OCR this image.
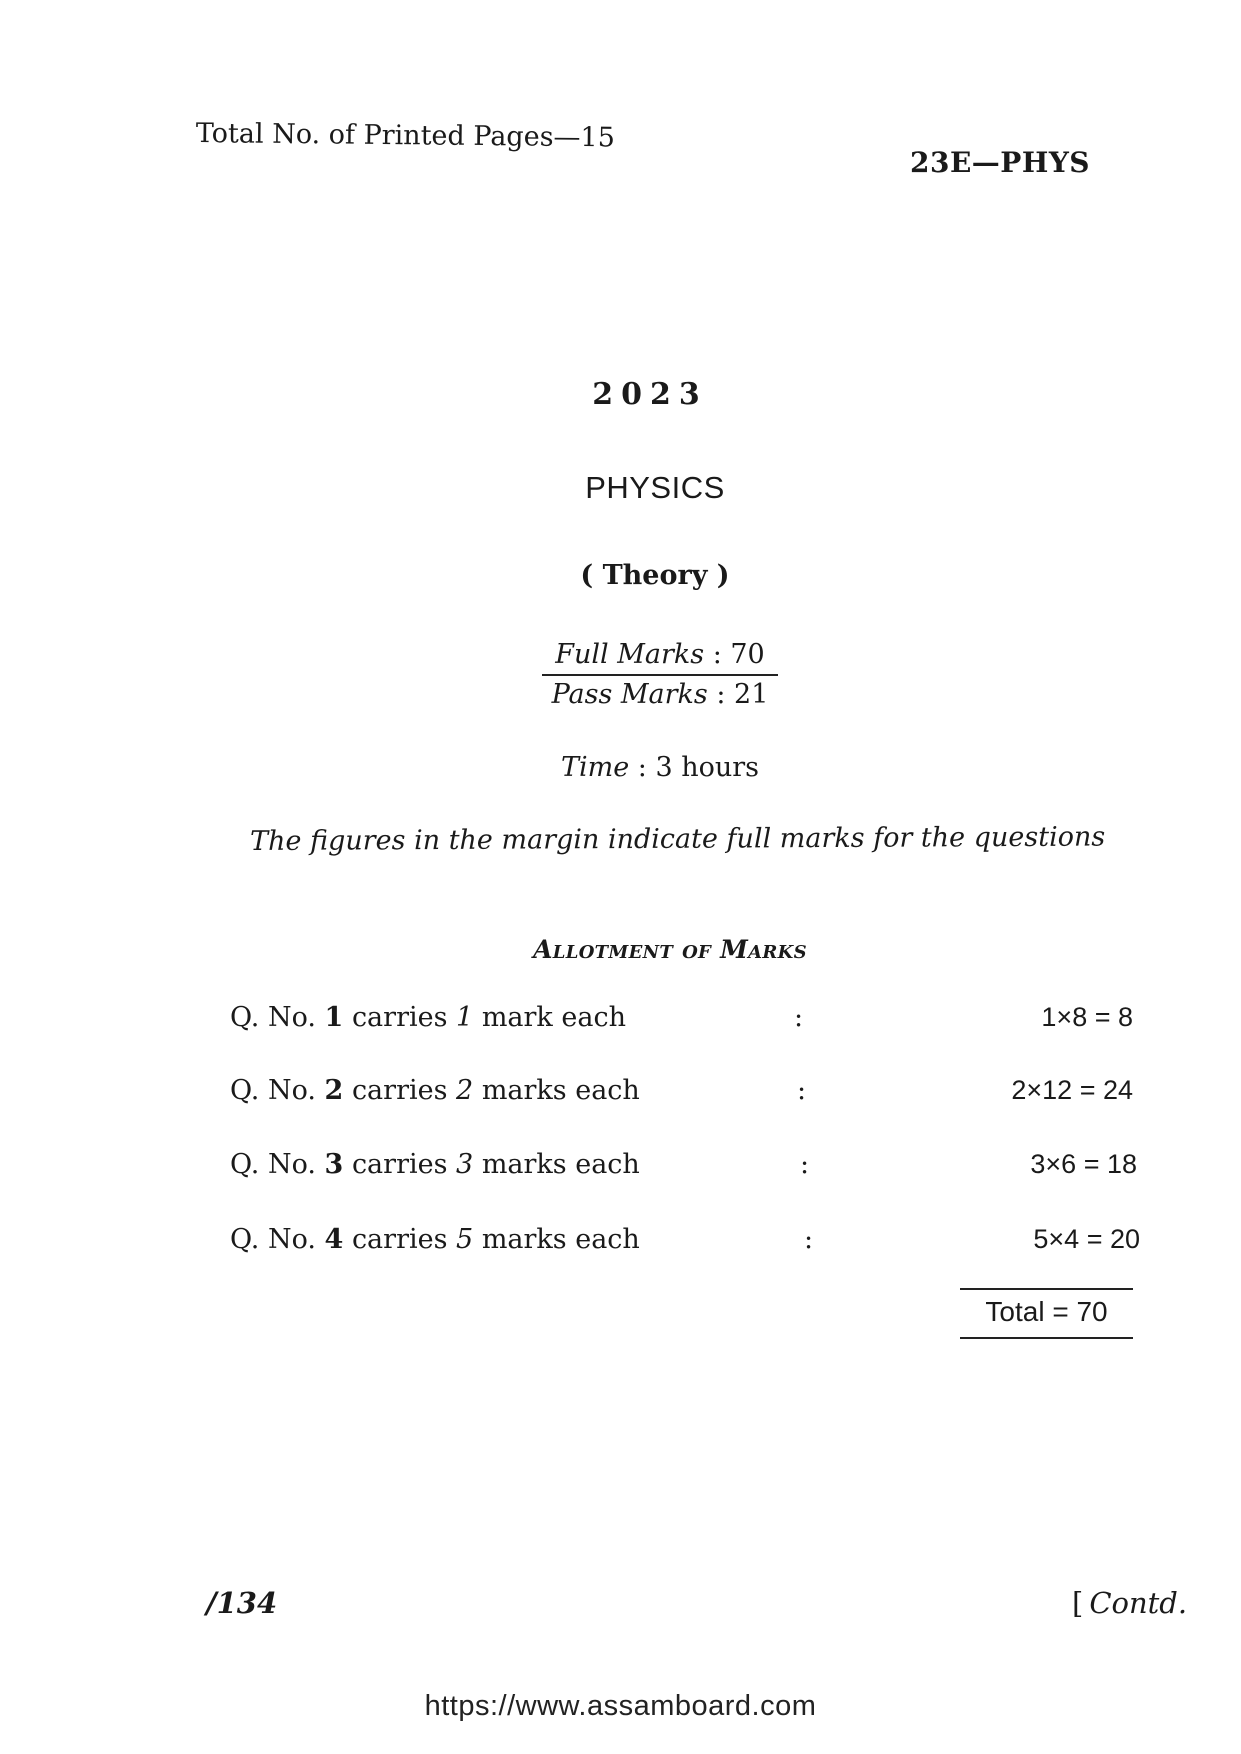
Total No. of Printed Pages—15
23E—PHYS
2023
PHYSICS
( Theory )
Full Marks : 70
Pass Marks : 21
Time : 3 hours
The figures in the margin indicate full marks for the questions
Allotment of Marks
Q. No. 1 carries 1 mark each	:	1×8 = 8
Q. No. 2 carries 2 marks each	:	2×12 = 24
Q. No. 3 carries 3 marks each	:	3×6 = 18
Q. No. 4 carries 5 marks each	:	5×4 = 20
Total = 70
/134	[ Contd.
https://www.assamboard.com
